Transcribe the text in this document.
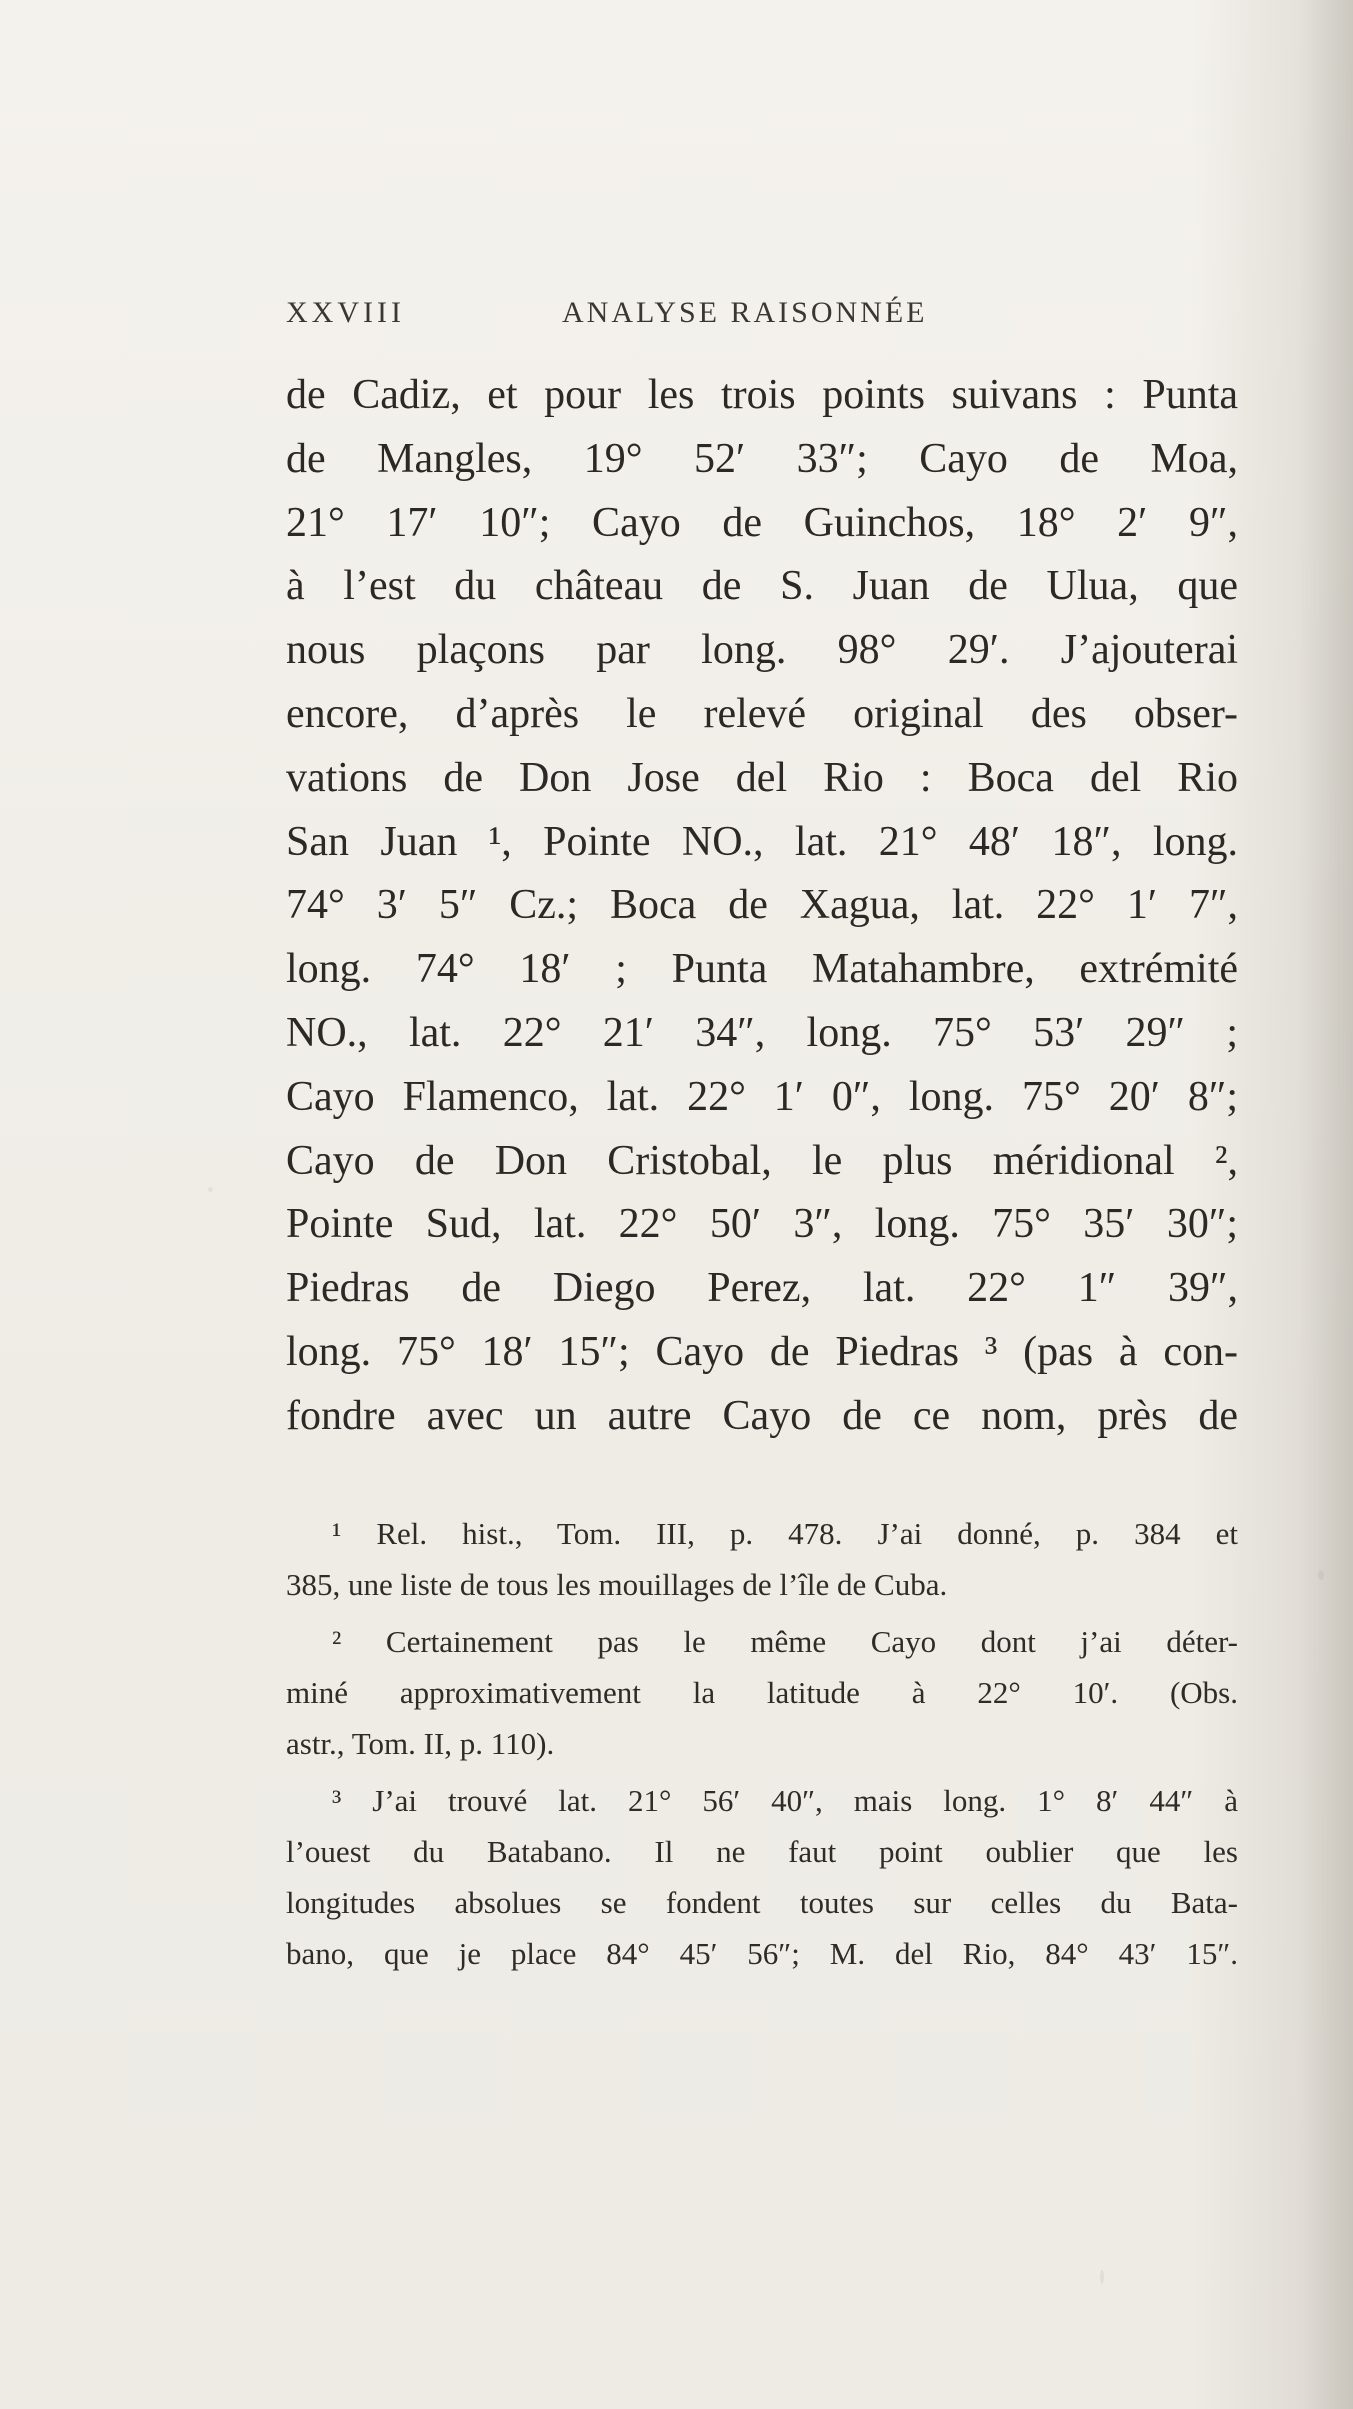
XXVIII	ANALYSE RAISONNÉE
de Cadiz, et pour les trois points suivans : Punta
de Mangles, 19° 52′ 33″; Cayo de Moa,
21° 17′ 10″; Cayo de Guinchos, 18° 2′ 9″,
à l’est du château de S. Juan de Ulua, que
nous plaçons par long. 98° 29′. J’ajouterai
encore, d’après le relevé original des obser-
vations de Don Jose del Rio : Boca del Rio
San Juan ¹, Pointe NO., lat. 21° 48′ 18″, long.
74° 3′ 5″ Cz.; Boca de Xagua, lat. 22° 1′ 7″,
long. 74° 18′ ; Punta Matahambre, extrémité
NO., lat. 22° 21′ 34″, long. 75° 53′ 29″ ;
Cayo Flamenco, lat. 22° 1′ 0″, long. 75° 20′ 8″;
Cayo de Don Cristobal, le plus méridional ²,
Pointe Sud, lat. 22° 50′ 3″, long. 75° 35′ 30″;
Piedras de Diego Perez, lat. 22° 1″ 39″,
long. 75° 18′ 15″; Cayo de Piedras ³ (pas à con-
fondre avec un autre Cayo de ce nom, près de
¹ Rel. hist., Tom. III, p. 478. J’ai donné, p. 384 et
385, une liste de tous les mouillages de l’île de Cuba.
² Certainement pas le même Cayo dont j’ai déter-
miné approximativement la latitude à 22° 10′. (Obs.
astr., Tom. II, p. 110).
³ J’ai trouvé lat. 21° 56′ 40″, mais long. 1° 8′ 44″ à
l’ouest du Batabano. Il ne faut point oublier que les
longitudes absolues se fondent toutes sur celles du Bata-
bano, que je place 84° 45′ 56″; M. del Rio, 84° 43′ 15″.
